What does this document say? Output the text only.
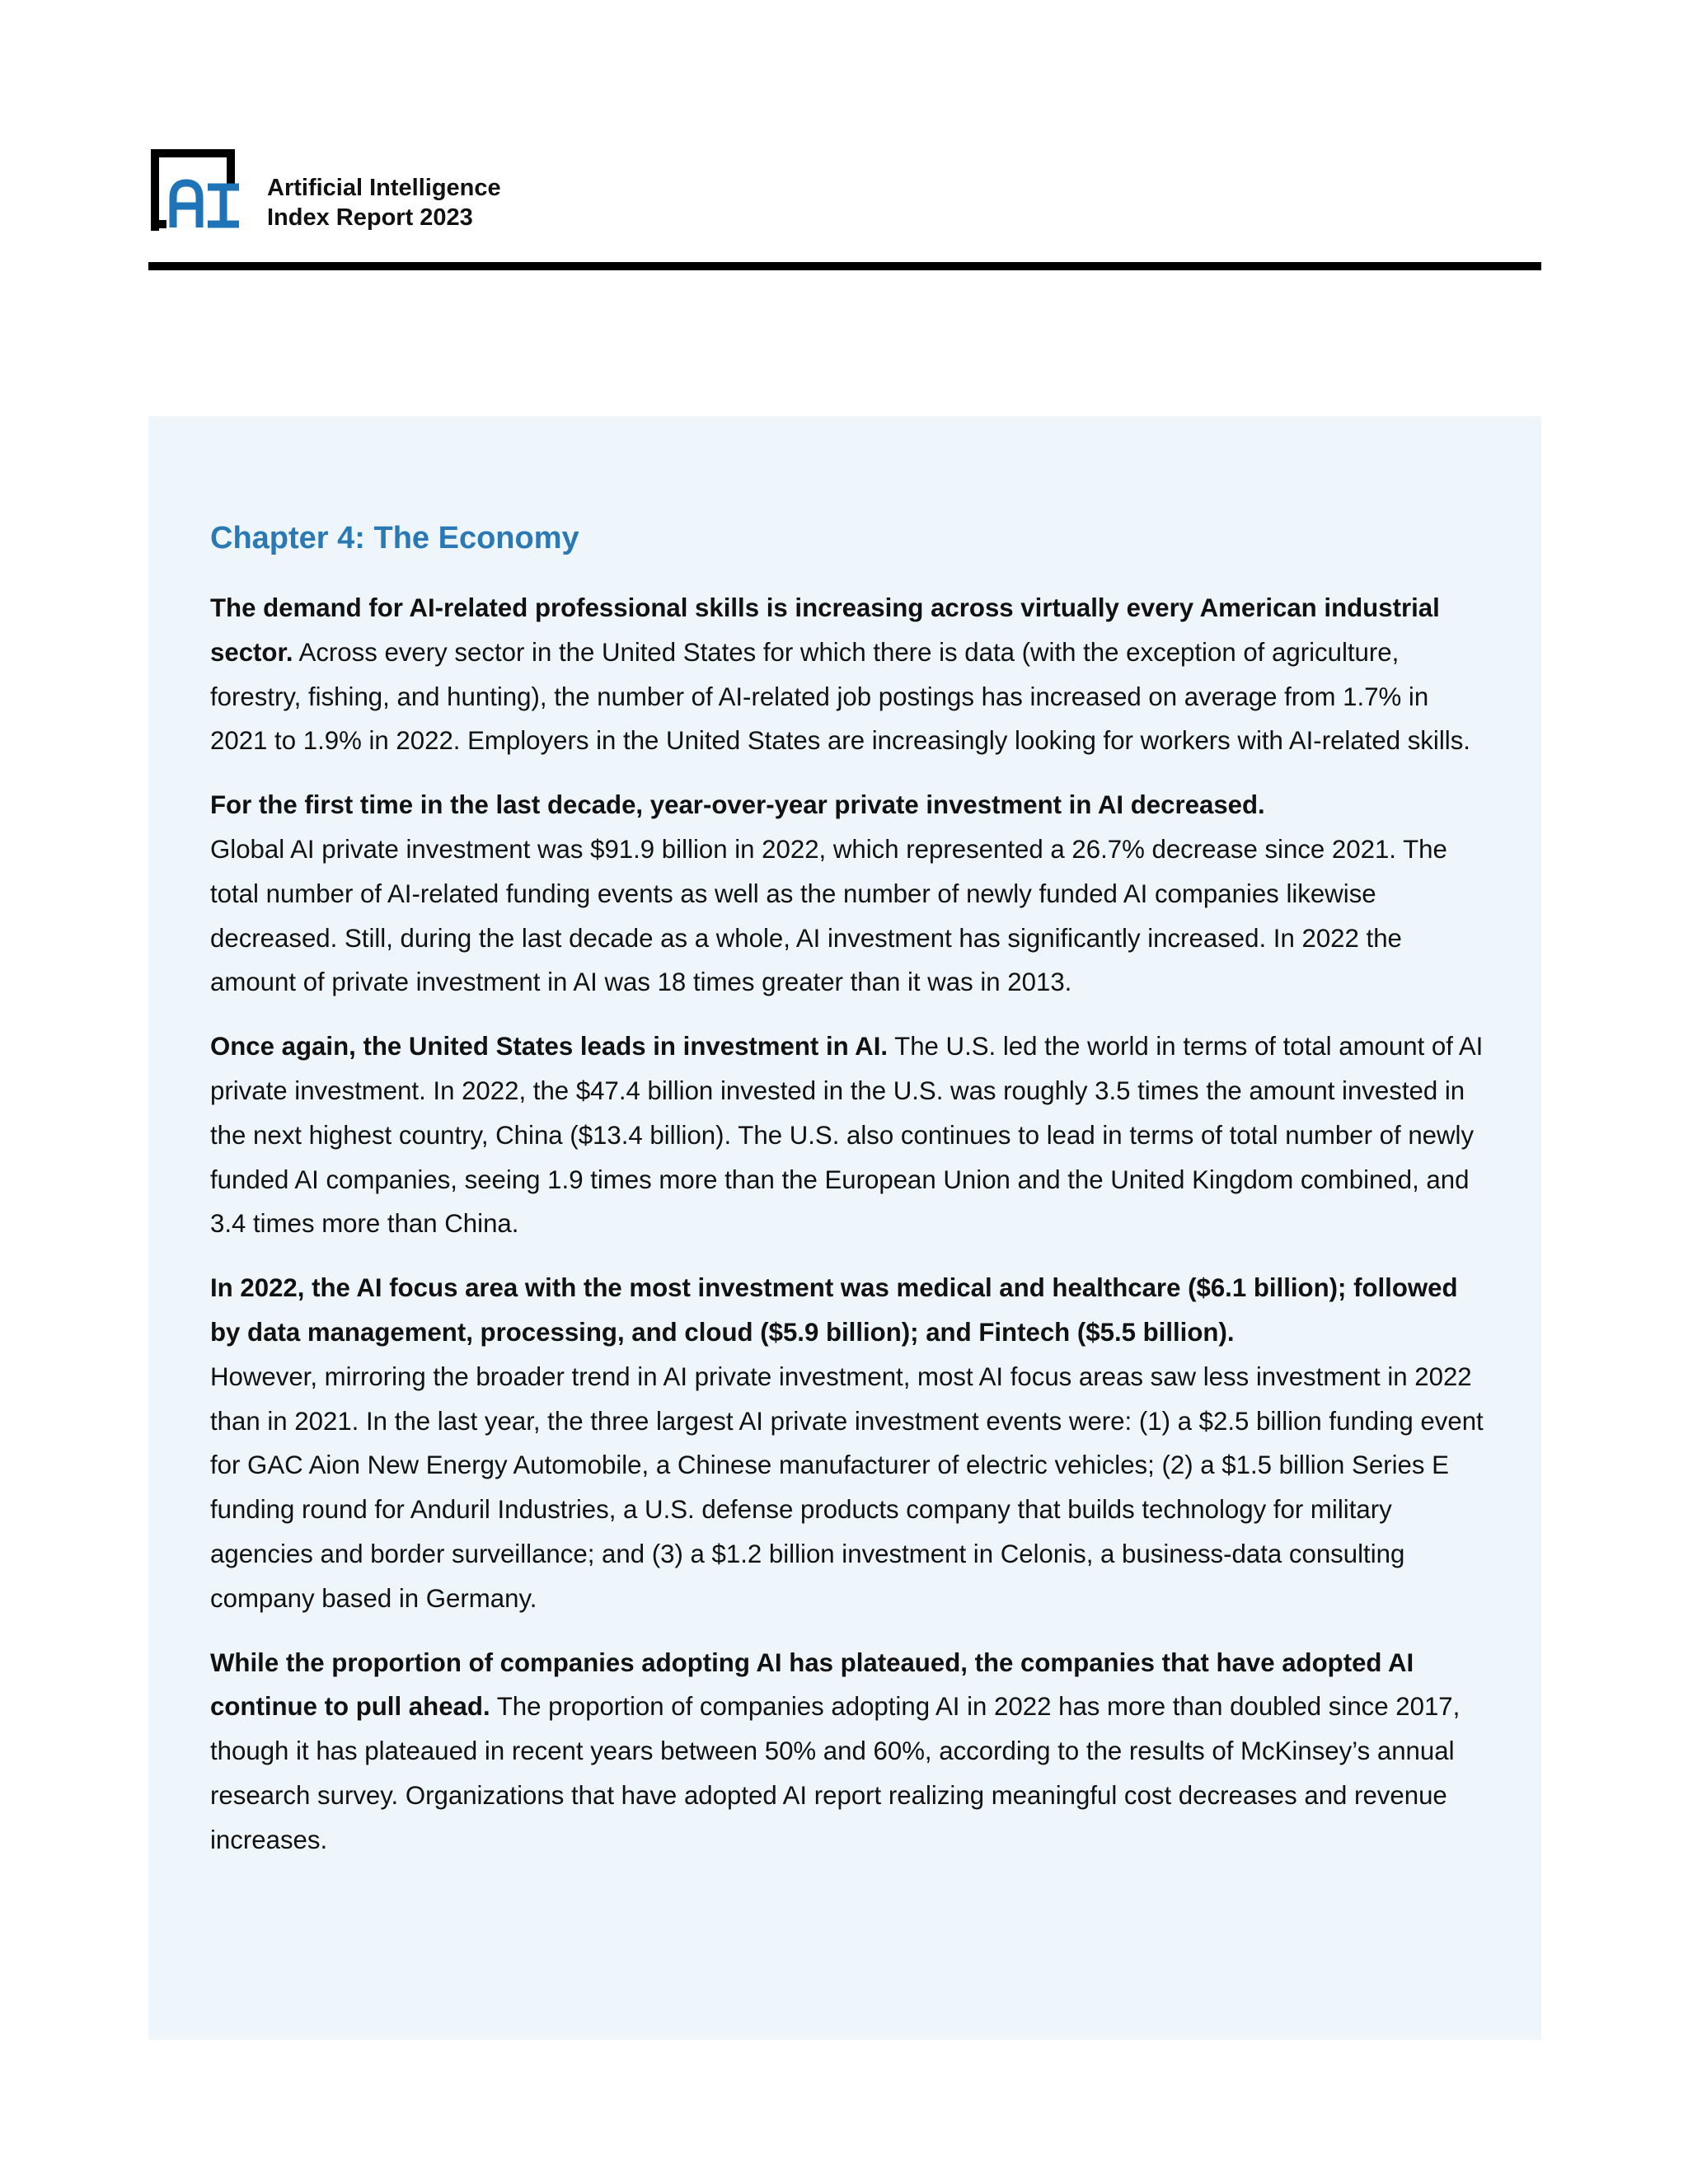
Artificial Intelligence
Index Report 2023
Chapter 4: The Economy

The demand for AI-related professional skills is increasing across virtually every American industrial sector. Across every sector in the United States for which there is data (with the exception of agriculture, forestry, fishing, and hunting), the number of AI-related job postings has increased on average from 1.7% in 2021 to 1.9% in 2022. Employers in the United States are increasingly looking for workers with AI-related skills.

For the first time in the last decade, year-over-year private investment in AI decreased.
Global AI private investment was $91.9 billion in 2022, which represented a 26.7% decrease since 2021. The total number of AI-related funding events as well as the number of newly funded AI companies likewise decreased. Still, during the last decade as a whole, AI investment has significantly increased. In 2022 the amount of private investment in AI was 18 times greater than it was in 2013.

Once again, the United States leads in investment in AI. The U.S. led the world in terms of total amount of AI private investment. In 2022, the $47.4 billion invested in the U.S. was roughly 3.5 times the amount invested in the next highest country, China ($13.4 billion). The U.S. also continues to lead in terms of total number of newly funded AI companies, seeing 1.9 times more than the European Union and the United Kingdom combined, and 3.4 times more than China.

In 2022, the AI focus area with the most investment was medical and healthcare ($6.1 billion); followed by data management, processing, and cloud ($5.9 billion); and Fintech ($5.5 billion).
However, mirroring the broader trend in AI private investment, most AI focus areas saw less investment in 2022 than in 2021. In the last year, the three largest AI private investment events were: (1) a $2.5 billion funding event for GAC Aion New Energy Automobile, a Chinese manufacturer of electric vehicles; (2) a $1.5 billion Series E funding round for Anduril Industries, a U.S. defense products company that builds technology for military agencies and border surveillance; and (3) a $1.2 billion investment in Celonis, a business-data consulting company based in Germany.

While the proportion of companies adopting AI has plateaued, the companies that have adopted AI continue to pull ahead. The proportion of companies adopting AI in 2022 has more than doubled since 2017, though it has plateaued in recent years between 50% and 60%, according to the results of McKinsey’s annual research survey. Organizations that have adopted AI report realizing meaningful cost decreases and revenue increases.
